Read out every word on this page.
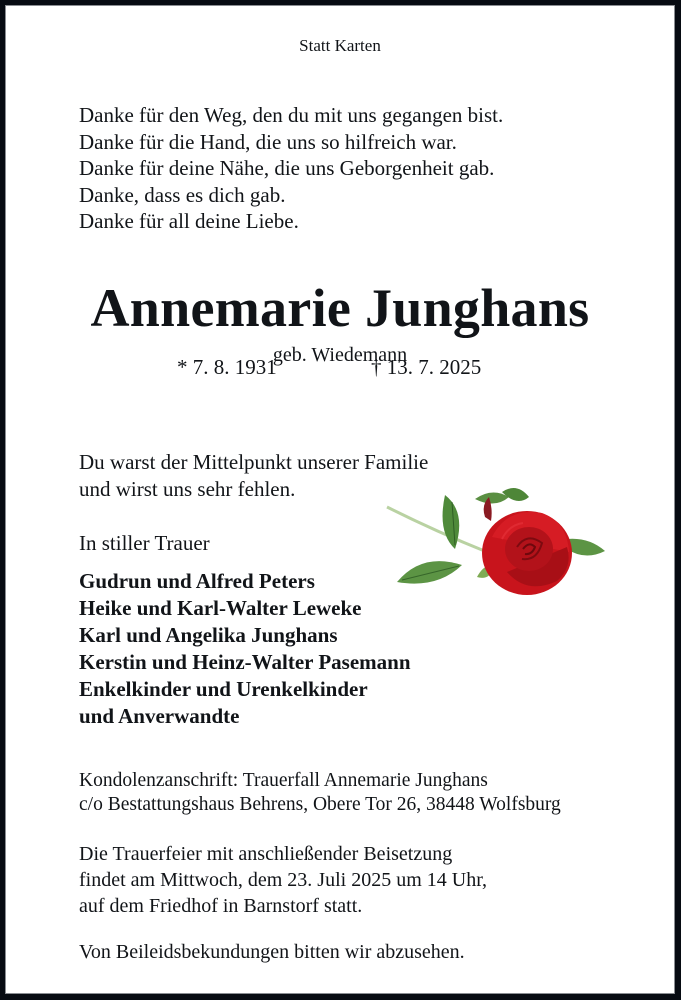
Statt Karten

Danke für den Weg, den du mit uns gegangen bist.
Danke für die Hand, die uns so hilfreich war.
Danke für deine Nähe, die uns Geborgenheit gab.
Danke, dass es dich gab.
Danke für all deine Liebe.
Annemarie Junghans

geb. Wiedemann

* 7. 8. 1931	† 13. 7. 2025

Du warst der Mittelpunkt unserer Familie
und wirst uns sehr fehlen.

In stiller Trauer

Gudrun und Alfred Peters
Heike und Karl-Walter Leweke
Karl und Angelika Junghans
Kerstin und Heinz-Walter Pasemann
Enkelkinder und Urenkelkinder
und Anverwandte
Kondolenzanschrift: Trauerfall Annemarie Junghans
c/o Bestattungshaus Behrens, Obere Tor 26, 38448 Wolfsburg
Die Trauerfeier mit anschließender Beisetzung
findet am Mittwoch, dem 23. Juli 2025 um 14 Uhr,
auf dem Friedhof in Barnstorf statt.

Von Beileidsbekundungen bitten wir abzusehen.
